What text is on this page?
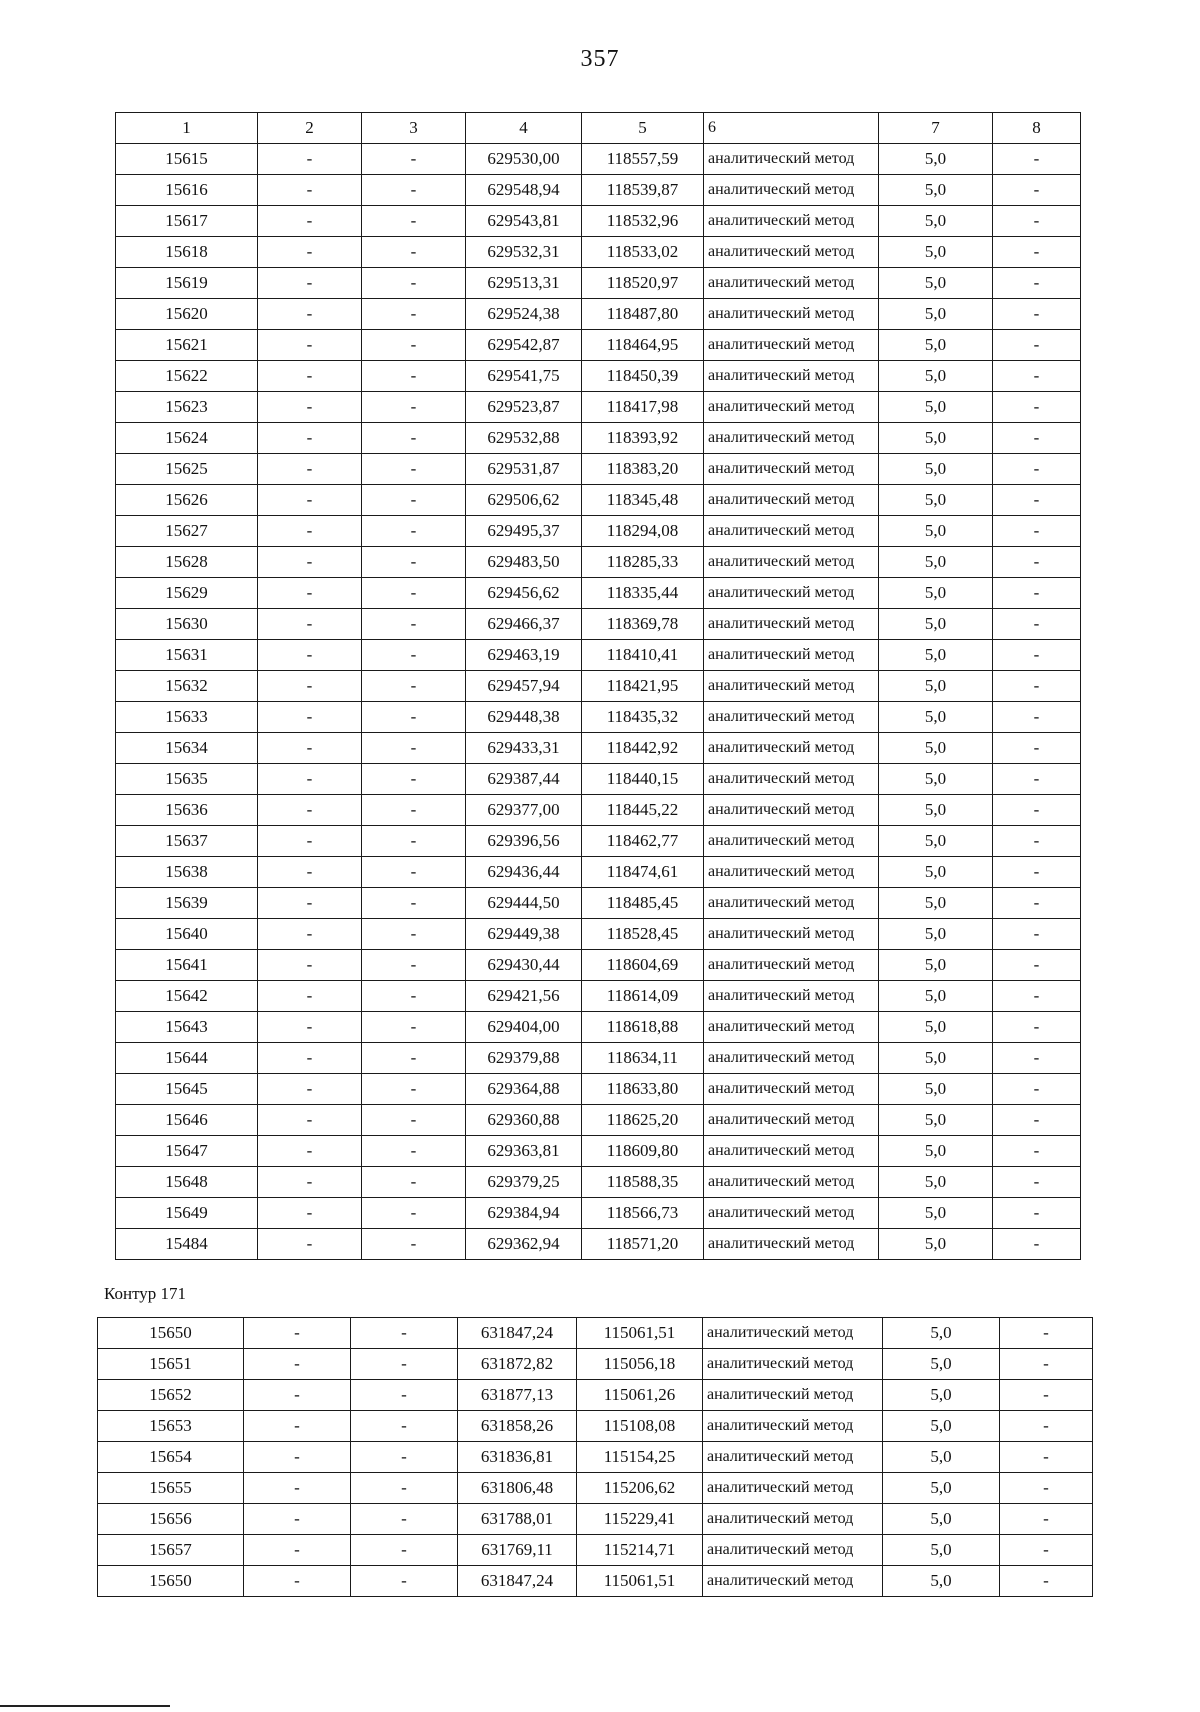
357
1	2	3	4	5	6	7	8
15615	-	-	629530,00	118557,59	аналитический метод	5,0	-
15616	-	-	629548,94	118539,87	аналитический метод	5,0	-
15617	-	-	629543,81	118532,96	аналитический метод	5,0	-
15618	-	-	629532,31	118533,02	аналитический метод	5,0	-
15619	-	-	629513,31	118520,97	аналитический метод	5,0	-
15620	-	-	629524,38	118487,80	аналитический метод	5,0	-
15621	-	-	629542,87	118464,95	аналитический метод	5,0	-
15622	-	-	629541,75	118450,39	аналитический метод	5,0	-
15623	-	-	629523,87	118417,98	аналитический метод	5,0	-
15624	-	-	629532,88	118393,92	аналитический метод	5,0	-
15625	-	-	629531,87	118383,20	аналитический метод	5,0	-
15626	-	-	629506,62	118345,48	аналитический метод	5,0	-
15627	-	-	629495,37	118294,08	аналитический метод	5,0	-
15628	-	-	629483,50	118285,33	аналитический метод	5,0	-
15629	-	-	629456,62	118335,44	аналитический метод	5,0	-
15630	-	-	629466,37	118369,78	аналитический метод	5,0	-
15631	-	-	629463,19	118410,41	аналитический метод	5,0	-
15632	-	-	629457,94	118421,95	аналитический метод	5,0	-
15633	-	-	629448,38	118435,32	аналитический метод	5,0	-
15634	-	-	629433,31	118442,92	аналитический метод	5,0	-
15635	-	-	629387,44	118440,15	аналитический метод	5,0	-
15636	-	-	629377,00	118445,22	аналитический метод	5,0	-
15637	-	-	629396,56	118462,77	аналитический метод	5,0	-
15638	-	-	629436,44	118474,61	аналитический метод	5,0	-
15639	-	-	629444,50	118485,45	аналитический метод	5,0	-
15640	-	-	629449,38	118528,45	аналитический метод	5,0	-
15641	-	-	629430,44	118604,69	аналитический метод	5,0	-
15642	-	-	629421,56	118614,09	аналитический метод	5,0	-
15643	-	-	629404,00	118618,88	аналитический метод	5,0	-
15644	-	-	629379,88	118634,11	аналитический метод	5,0	-
15645	-	-	629364,88	118633,80	аналитический метод	5,0	-
15646	-	-	629360,88	118625,20	аналитический метод	5,0	-
15647	-	-	629363,81	118609,80	аналитический метод	5,0	-
15648	-	-	629379,25	118588,35	аналитический метод	5,0	-
15649	-	-	629384,94	118566,73	аналитический метод	5,0	-
15484	-	-	629362,94	118571,20	аналитический метод	5,0	-
Контур 171
15650	-	-	631847,24	115061,51	аналитический метод	5,0	-
15651	-	-	631872,82	115056,18	аналитический метод	5,0	-
15652	-	-	631877,13	115061,26	аналитический метод	5,0	-
15653	-	-	631858,26	115108,08	аналитический метод	5,0	-
15654	-	-	631836,81	115154,25	аналитический метод	5,0	-
15655	-	-	631806,48	115206,62	аналитический метод	5,0	-
15656	-	-	631788,01	115229,41	аналитический метод	5,0	-
15657	-	-	631769,11	115214,71	аналитический метод	5,0	-
15650	-	-	631847,24	115061,51	аналитический метод	5,0	-
